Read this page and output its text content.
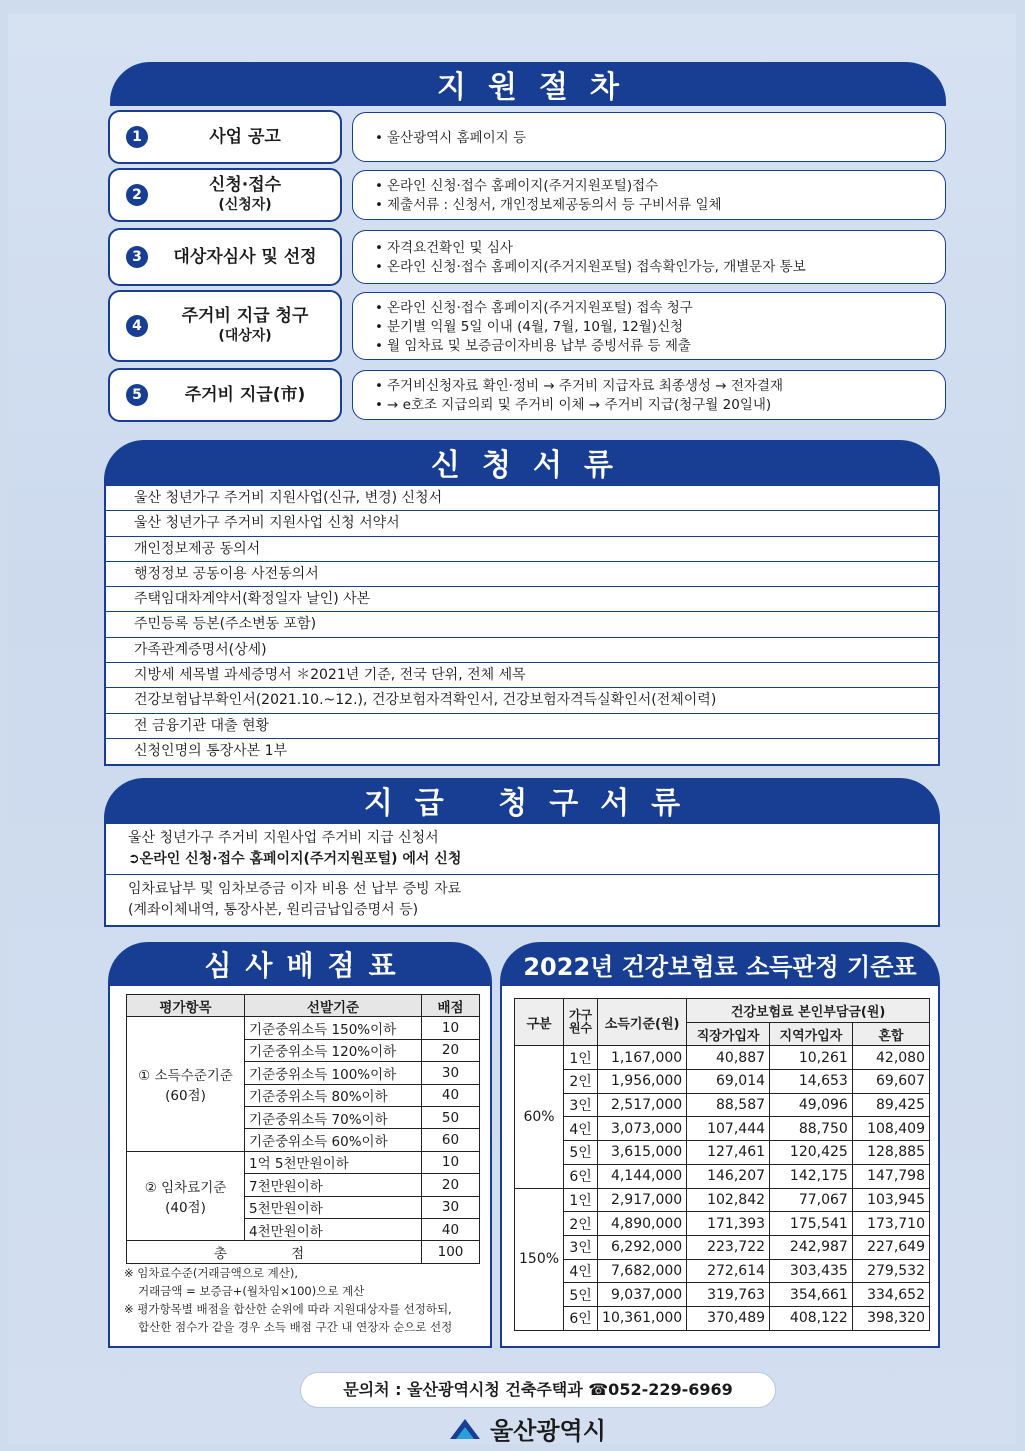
지원절차
1	사업 공고	• 울산광역시 홈페이지 등
2	신청·접수
(신청자)
• 온라인 신청·접수 홈페이지(주거지원포털)접수
• 제출서류 : 신청서, 개인정보제공동의서 등 구비서류 일체
3	대상자심사 및 선정	• 자격요건확인 및 심사
• 온라인 신청·접수 홈페이지(주거지원포털) 접속확인가능, 개별문자 통보
4	주거비 지급 청구
(대상자)
• 온라인 신청·접수 홈페이지(주거지원포털) 접속 청구
• 분기별 익월 5일 이내 (4월, 7월, 10월, 12월)신청
• 월 임차료 및 보증금이자비용 납부 증빙서류 등 제출
5	주거비 지급(市)	• 주거비신청자료 확인·정비 → 주거비 지급자료 최종생성 → 전자결재
• → e호조 지급의뢰 및 주거비 이체 → 주거비 지급(청구월 20일내)
신청서류
울산 청년가구 주거비 지원사업(신규, 변경) 신청서
울산 청년가구 주거비 지원사업 신청 서약서
개인정보제공 동의서
행정정보 공동이용 사전동의서
주택임대차계약서(확정일자 날인) 사본
주민등록 등본(주소변동 포함)
가족관계증명서(상세)
지방세 세목별 과세증명서 ＊2021년 기준, 전국 단위, 전체 세목
건강보험납부확인서(2021.10.~12.), 건강보험자격확인서, 건강보험자격득실확인서(전체이력)
전 금융기관 대출 현황
신청인명의 통장사본 1부
지급 청구서류
울산 청년가구 주거비 지원사업 주거비 지급 신청서
➲온라인 신청·접수 홈페이지(주거지원포털) 에서 신청
임차료납부 및 임차보증금 이자 비용 선 납부 증빙 자료
(계좌이체내역, 통장사본, 원리금납입증명서 등)
심사배점표
평가항목	선발기준	배점

① 소득수준기준
(60점)	기준중위소득 150%이하	10
	기준중위소득 120%이하	20
	기준중위소득 100%이하	30
	기준중위소득 80%이하	40
	기준중위소득 70%이하	50
	기준중위소득 60%이하	60

② 임차료기준
(40점)	1억 5천만원이하	10
	7천만원이하	20
	5천만원이하	30
	4천만원이하	40
총 점		100
※ 임차료수준(거래금액으로 계산),
거래금액 = 보증금+(월차임×100)으로 계산
※ 평가항목별 배점을 합산한 순위에 따라 지원대상자를 선정하되,
합산한 점수가 같을 경우 소득 배점 구간 내 연장자 순으로 선정
2022년 건강보험료 소득판정 기준표
구분	가구원수	소득기준(원)	건강보험료 본인부담금(원)		
			직장가입자	지역가입자	혼합
60%	1인	1,167,000	40,887	10,261	42,080
	2인	1,956,000	69,014	14,653	69,607
	3인	2,517,000	88,587	49,096	89,425
	4인	3,073,000	107,444	88,750	108,409
	5인	3,615,000	127,461	120,425	128,885
	6인	4,144,000	146,207	142,175	147,798
150%	1인	2,917,000	102,842	77,067	103,945
	2인	4,890,000	171,393	175,541	173,710
	3인	6,292,000	223,722	242,987	227,649
	4인	7,682,000	272,614	303,435	279,532
	5인	9,037,000	319,763	354,661	334,652
	6인	10,361,000	370,489	408,122	398,320
문의처 : 울산광역시청 건축주택과 ☎052-229-6969
울산광역시
